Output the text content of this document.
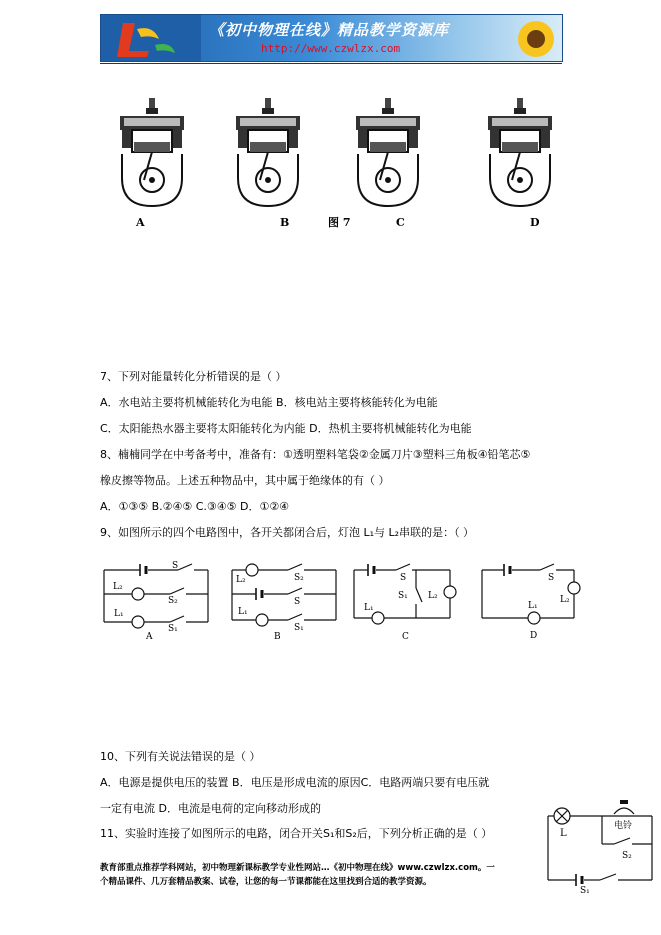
《初中物理在线》精品教学资源库
http://www.czwlzx.com
A	B	图 7	C	D
7、下列对能量转化分析错误的是（ ）
A．水电站主要将机械能转化为电能 B．核电站主要将核能转化为电能
C．太阳能热水器主要将太阳能转化为内能 D．热机主要将机械能转化为电能
8、楠楠同学在中考备考中，准备有：①透明塑料笔袋②金属刀片③塑料三角板④铅笔芯⑤
橡皮擦等物品。上述五种物品中，其中属于绝缘体的有（ ）
A．①③⑤ B.②④⑤ C.③④⑤ D．①②④
9、如图所示的四个电路图中，各开关都闭合后，灯泡 L₁与 L₂串联的是：（ ）
L₂
S
S₂
L₁
S₁
A
L₂	S₂
S
L₁
S₁
B
S
S₁ L₂
L₁
C
S
L₁
L₂
D
10、下列有关说法错误的是（ ）
A．电源是提供电压的装置 B．电压是形成电流的原因C．电路两端只要有电压就
一定有电流 D．电流是电荷的定向移动形成的
11、实验时连接了如图所示的电路，闭合开关S₁和S₂后，下列分析正确的是（ ）	L
电铃
S₂
S₁
教育部重点推荐学科网站，初中物理新课标教学专业性网站…《初中物理在线》www.czwlzx.com。一
个精品课件、几万套精品教案、试卷，让您的每一节课都能在这里找到合适的教学资源。
